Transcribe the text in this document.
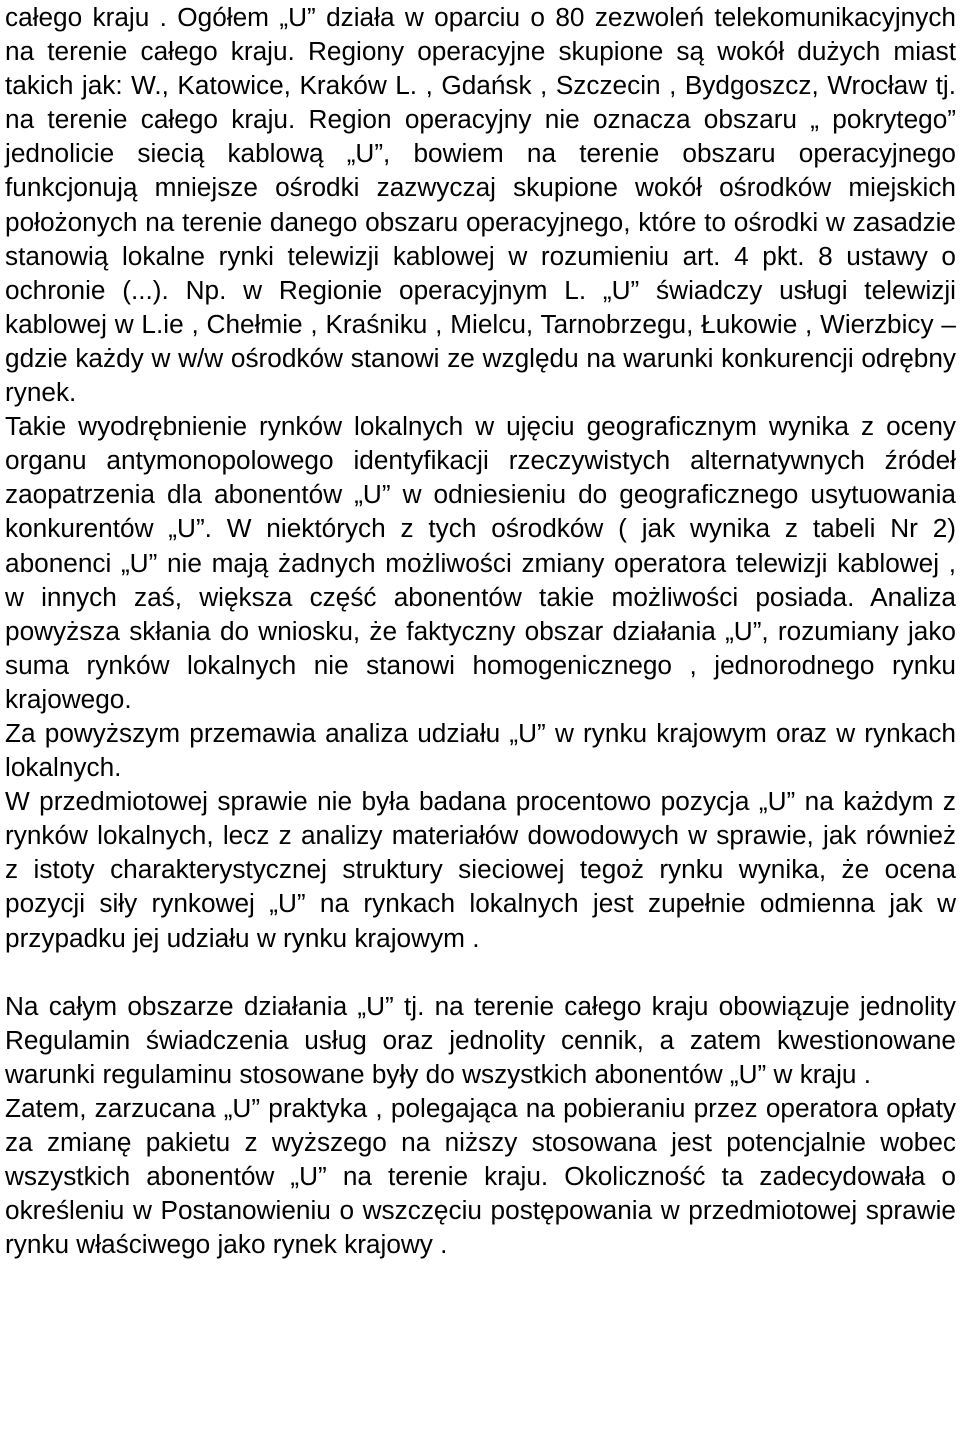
całego kraju . Ogółem „U” działa w oparciu o 80 zezwoleń telekomunikacyjnych na terenie całego kraju. Regiony operacyjne skupione są wokół dużych miast takich jak: W., Katowice, Kraków L. , Gdańsk , Szczecin , Bydgoszcz, Wrocław tj. na terenie całego kraju. Region operacyjny nie oznacza obszaru „ pokrytego” jednolicie siecią kablową „U”, bowiem na terenie obszaru operacyjnego funkcjonują mniejsze ośrodki zazwyczaj skupione wokół ośrodków miejskich położonych na terenie danego obszaru operacyjnego, które to ośrodki w zasadzie stanowią lokalne rynki telewizji kablowej w rozumieniu art. 4 pkt. 8 ustawy o ochronie (...). Np. w Regionie operacyjnym L. „U” świadczy usługi telewizji kablowej w L.ie , Chełmie , Kraśniku , Mielcu, Tarnobrzegu, Łukowie , Wierzbicy – gdzie każdy w w/w ośrodków stanowi ze względu na warunki konkurencji odrębny rynek.

Takie wyodrębnienie rynków lokalnych w ujęciu geograficznym wynika z oceny organu antymonopolowego identyfikacji rzeczywistych alternatywnych źródeł zaopatrzenia dla abonentów „U” w odniesieniu do geograficznego usytuowania konkurentów „U”. W niektórych z tych ośrodków ( jak wynika z tabeli Nr 2) abonenci „U” nie mają żadnych możliwości zmiany operatora telewizji kablowej , w innych zaś, większa część abonentów takie możliwości posiada. Analiza powyższa skłania do wniosku, że faktyczny obszar działania „U”, rozumiany jako suma rynków lokalnych nie stanowi homogenicznego , jednorodnego rynku krajowego.

Za powyższym przemawia analiza udziału „U” w rynku krajowym oraz w rynkach lokalnych.

W przedmiotowej sprawie nie była badana procentowo pozycja „U” na każdym z rynków lokalnych, lecz z analizy materiałów dowodowych w sprawie, jak również z istoty charakterystycznej struktury sieciowej tegoż rynku wynika, że ocena pozycji siły rynkowej „U” na rynkach lokalnych jest zupełnie odmienna jak w przypadku jej udziału w rynku krajowym .

Na całym obszarze działania „U” tj. na terenie całego kraju obowiązuje jednolity Regulamin świadczenia usług oraz jednolity cennik, a zatem kwestionowane warunki regulaminu stosowane były do wszystkich abonentów „U” w kraju .

Zatem, zarzucana „U” praktyka , polegająca na pobieraniu przez operatora opłaty za zmianę pakietu z wyższego na niższy stosowana jest potencjalnie wobec wszystkich abonentów „U” na terenie kraju. Okoliczność ta zadecydowała o określeniu w Postanowieniu o wszczęciu postępowania w przedmiotowej sprawie rynku właściwego jako rynek krajowy .
